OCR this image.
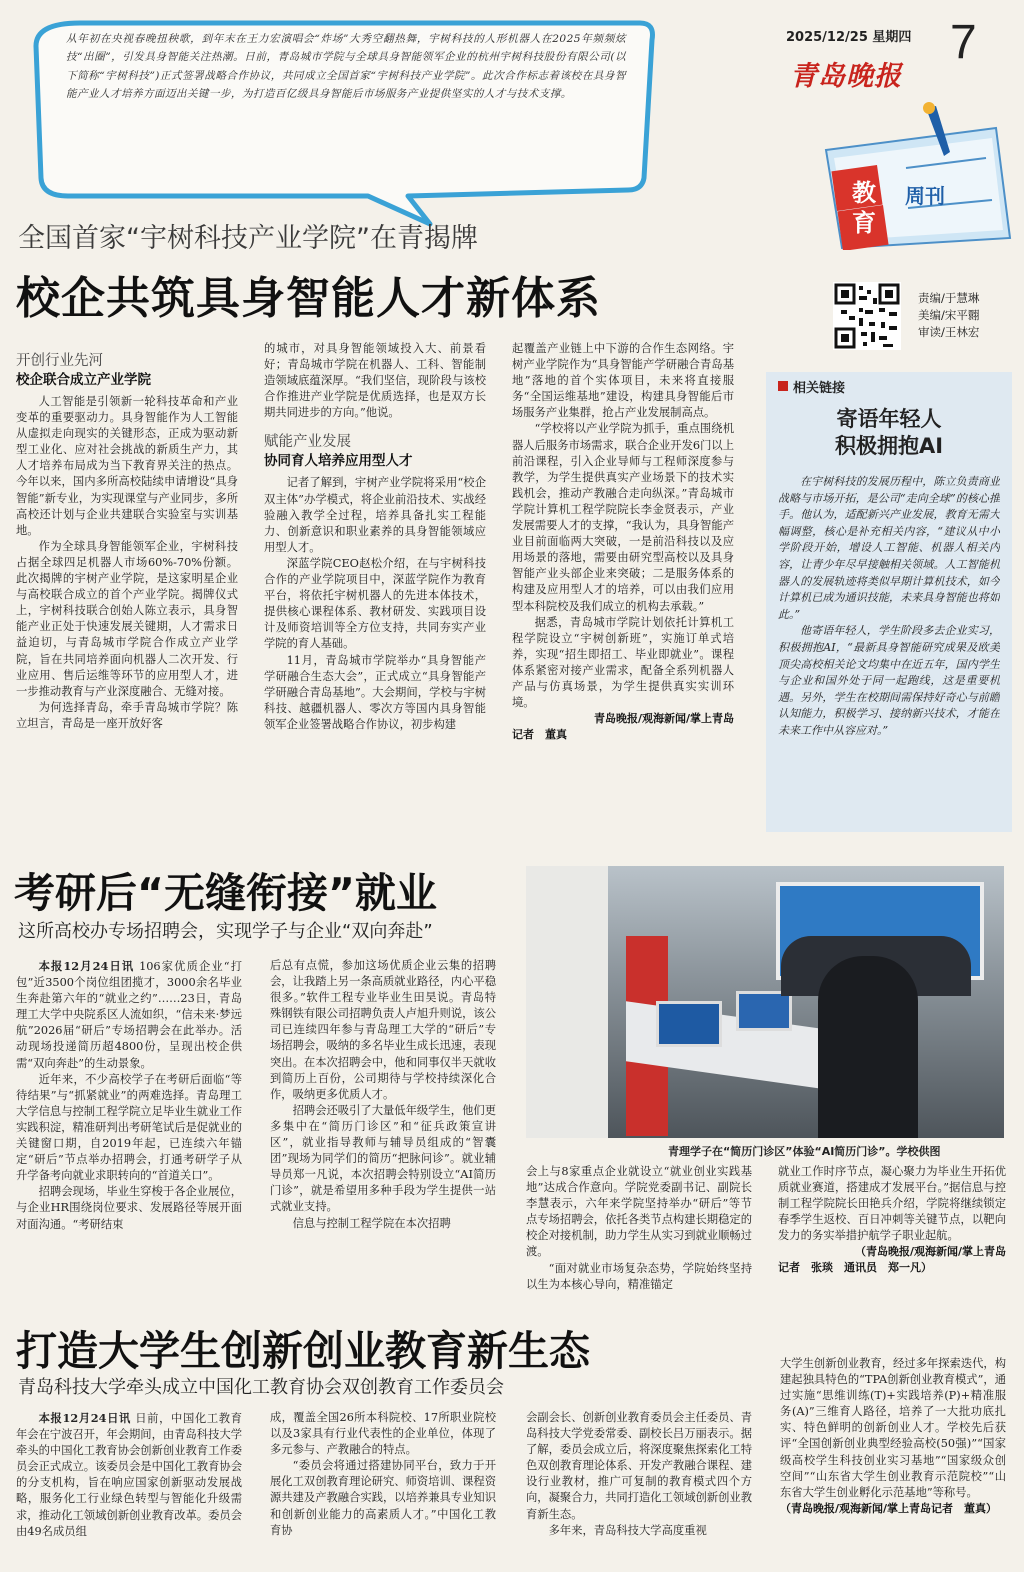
从年初在央视春晚扭秧歌，到年末在王力宏演唱会“炸场”大秀空翻热舞，宇树科技的人形机器人在2025年频频炫技“出圈”，引发具身智能关注热潮。日前，青岛城市学院与全球具身智能领军企业的杭州宇树科技股份有限公司(以下简称“宇树科技”)正式签署战略合作协议，共同成立全国首家“宇树科技产业学院”。此次合作标志着该校在具身智能产业人才培养方面迈出关键一步，为打造百亿级具身智能后市场服务产业提供坚实的人才与技术支撑。
2025/12/25 星期四 7
青岛晚报
教育
周刊
全国首家“宇树科技产业学院”在青揭牌
校企共筑具身智能人才新体系
开创行业先河
校企联合成立产业学院

人工智能是引领新一轮科技革命和产业变革的重要驱动力。具身智能作为人工智能从虚拟走向现实的关键形态，正成为驱动新型工业化、应对社会挑战的新质生产力，其人才培养布局成为当下教育界关注的热点。今年以来，国内多所高校陆续申请增设“具身智能”新专业，为实现课堂与产业同步，多所高校还计划与企业共建联合实验室与实训基地。

作为全球具身智能领军企业，宇树科技占据全球四足机器人市场60%-70%份额。此次揭牌的宇树产业学院，是这家明星企业与高校联合成立的首个产业学院。揭牌仪式上，宇树科技联合创始人陈立表示，具身智能产业正处于快速发展关键期，人才需求日益迫切，与青岛城市学院合作成立产业学院，旨在共同培养面向机器人二次开发、行业应用、售后运维等环节的应用型人才，进一步推动教育与产业深度融合、无缝对接。

为何选择青岛，牵手青岛城市学院？陈立坦言，青岛是一座开放好客

的城市，对具身智能领域投入大、前景看好；青岛城市学院在机器人、工科、智能制造领域底蕴深厚。“我们坚信，现阶段与该校合作推进产业学院是优质选择，也是双方长期共同进步的方向。”他说。

赋能产业发展
协同育人培养应用型人才

记者了解到，宇树产业学院将采用“校企双主体”办学模式，将企业前沿技术、实战经验融入教学全过程，培养具备扎实工程能力、创新意识和职业素养的具身智能领域应用型人才。

深蓝学院CEO赵松介绍，在与宇树科技合作的产业学院项目中，深蓝学院作为教育平台，将依托宇树机器人的先进本体技术，提供核心课程体系、教材研发、实践项目设计及师资培训等全方位支持，共同夯实产业学院的育人基础。

11月，青岛城市学院举办“具身智能产学研融合生态大会”，正式成立“具身智能产学研融合青岛基地”。大会期间，学校与宇树科技、越疆机器人、零次方等国内具身智能领军企业签署战略合作协议，初步构建

起覆盖产业链上中下游的合作生态网络。宇树产业学院作为“具身智能产学研融合青岛基地”落地的首个实体项目，未来将直接服务“全国运维基地”建设，构建具身智能后市场服务产业集群，抢占产业发展制高点。

“学校将以产业学院为抓手，重点围绕机器人后服务市场需求，联合企业开发6门以上前沿课程，引入企业导师与工程师深度参与教学，为学生提供真实产业场景下的技术实践机会，推动产教融合走向纵深。”青岛城市学院计算机工程学院院长李金贤表示，产业发展需要人才的支撑，“我认为，具身智能产业目前面临两大突破，一是前沿科技以及应用场景的落地，需要由研究型高校以及具身智能产业头部企业来突破；二是服务体系的构建及应用型人才的培养，可以由我们应用型本科院校及我们成立的机构去承载。”

据悉，青岛城市学院计划依托计算机工程学院设立“宇树创新班”，实施订单式培养，实现“招生即招工、毕业即就业”。课程体系紧密对接产业需求，配备全系列机器人产品与仿真场景，为学生提供真实实训环境。

青岛晚报/观海新闻/掌上青岛
记者　董真
责编/于慧琳
美编/宋平翾
审读/王林宏
相关链接
寄语年轻人
积极拥抱AI

在宇树科技的发展历程中，陈立负责商业战略与市场开拓，是公司“走向全球”的核心推手。他认为，适配新兴产业发展，教育无需大幅调整，核心是补充相关内容，“建议从中小学阶段开始，增设人工智能、机器人相关内容，让青少年尽早接触相关领域。人工智能机器人的发展轨迹将类似早期计算机技术，如今计算机已成为通识技能，未来具身智能也将如此。”

他寄语年轻人，学生阶段多去企业实习，积极拥抱AI，“最新具身智能研究成果及欧美顶尖高校相关论文均集中在近五年，国内学生与企业和国外处于同一起跑线，这是重要机遇。另外，学生在校期间需保持好奇心与前瞻认知能力，积极学习、接纳新兴技术，才能在未来工作中从容应对。”

考研后“无缝衔接”就业
这所高校办专场招聘会，实现学子与企业“双向奔赴”
青理学子在“简历门诊区”体验“AI简历门诊”。学校供图

本报12月24日讯 106家优质企业“打包”近3500个岗位组团揽才，3000余名毕业生奔赴第六年的“就业之约”……23日，青岛理工大学中央院系区人流如织，“信未来·梦远航”2026届“研后”专场招聘会在此举办。活动现场投递简历超4800份，呈现出校企供需“双向奔赴”的生动景象。

近年来，不少高校学子在考研后面临“等待结果”与“抓紧就业”的两难选择。青岛理工大学信息与控制工程学院立足毕业生就业工作实践积淀，精准研判出考研笔试后是促就业的关键窗口期，自2019年起，已连续六年锚定“研后”节点举办招聘会，打通考研学子从升学备考向就业求职转向的“首道关口”。

招聘会现场，毕业生穿梭于各企业展位，与企业HR围绕岗位要求、发展路径等展开面对面沟通。“考研结束

后总有点慌，参加这场优质企业云集的招聘会，让我踏上另一条高质就业路径，内心平稳很多。”软件工程专业毕业生田昊说。青岛特殊钢铁有限公司招聘负责人卢旭升则说，该公司已连续四年参与青岛理工大学的“研后”专场招聘会，吸纳的多名毕业生成长迅速，表现突出。在本次招聘会中，他和同事仅半天就收到简历上百份，公司期待与学校持续深化合作，吸纳更多优质人才。

招聘会还吸引了大量低年级学生，他们更多集中在“简历门诊区”和“征兵政策宣讲区”，就业指导教师与辅导员组成的“智囊团”现场为同学们的简历“把脉问诊”。就业辅导员郑一凡说，本次招聘会特别设立“AI简历门诊”，就是希望用多种手段为学生提供一站式就业支持。

信息与控制工程学院在本次招聘

会上与8家重点企业就设立“就业创业实践基地”达成合作意向。学院党委副书记、副院长李慧表示，六年来学院坚持举办“研后”等节点专场招聘会，依托各类节点构建长期稳定的校企对接机制，助力学生从实习到就业顺畅过渡。

“面对就业市场复杂态势，学院始终坚持以生为本核心导向，精准锚定

就业工作时序节点，凝心聚力为毕业生开拓优质就业赛道，搭建成才发展平台。”据信息与控制工程学院院长田艳兵介绍，学院将继续锁定春季学生返校、百日冲刺等关键节点，以靶向发力的务实举措护航学子职业起航。

（青岛晚报/观海新闻/掌上青岛
记者　张琰　通讯员　郑一凡）
打造大学生创新创业教育新生态
青岛科技大学牵头成立中国化工教育协会双创教育工作委员会

本报12月24日讯 日前，中国化工教育年会在宁波召开，年会期间，由青岛科技大学牵头的中国化工教育协会创新创业教育工作委员会正式成立。该委员会是中国化工教育协会的分支机构，旨在响应国家创新驱动发展战略，服务化工行业绿色转型与智能化升级需求，推动化工领域创新创业教育改革。委员会由49名成员组

成，覆盖全国26所本科院校、17所职业院校以及3家具有行业代表性的企业单位，体现了多元参与、产教融合的特点。

“委员会将通过搭建协同平台，致力于开展化工双创教育理论研究、师资培训、课程资源共建及产教融合实践，以培养兼具专业知识和创新创业能力的高素质人才。”中国化工教育协

会副会长、创新创业教育委员会主任委员、青岛科技大学党委常委、副校长吕万丽表示。据了解，委员会成立后，将深度聚焦探索化工特色双创教育理论体系、开发产教融合课程、建设行业教材，推广可复制的教育模式四个方向，凝聚合力，共同打造化工领域创新创业教育新生态。

多年来，青岛科技大学高度重视

大学生创新创业教育，经过多年探索迭代，构建起独具特色的“TPA创新创业教育模式”，通过实施“思维训练(T)+实践培养(P)+精准服务(A)”三维育人路径，培养了一大批功底扎实、特色鲜明的创新创业人才。学校先后获评“全国创新创业典型经验高校(50强)”“国家级高校学生科技创业实习基地”“国家级众创空间”“山东省大学生创业教育示范院校”“山东省大学生创业孵化示范基地”等称号。

（青岛晚报/观海新闻/掌上青岛记者　董真）
